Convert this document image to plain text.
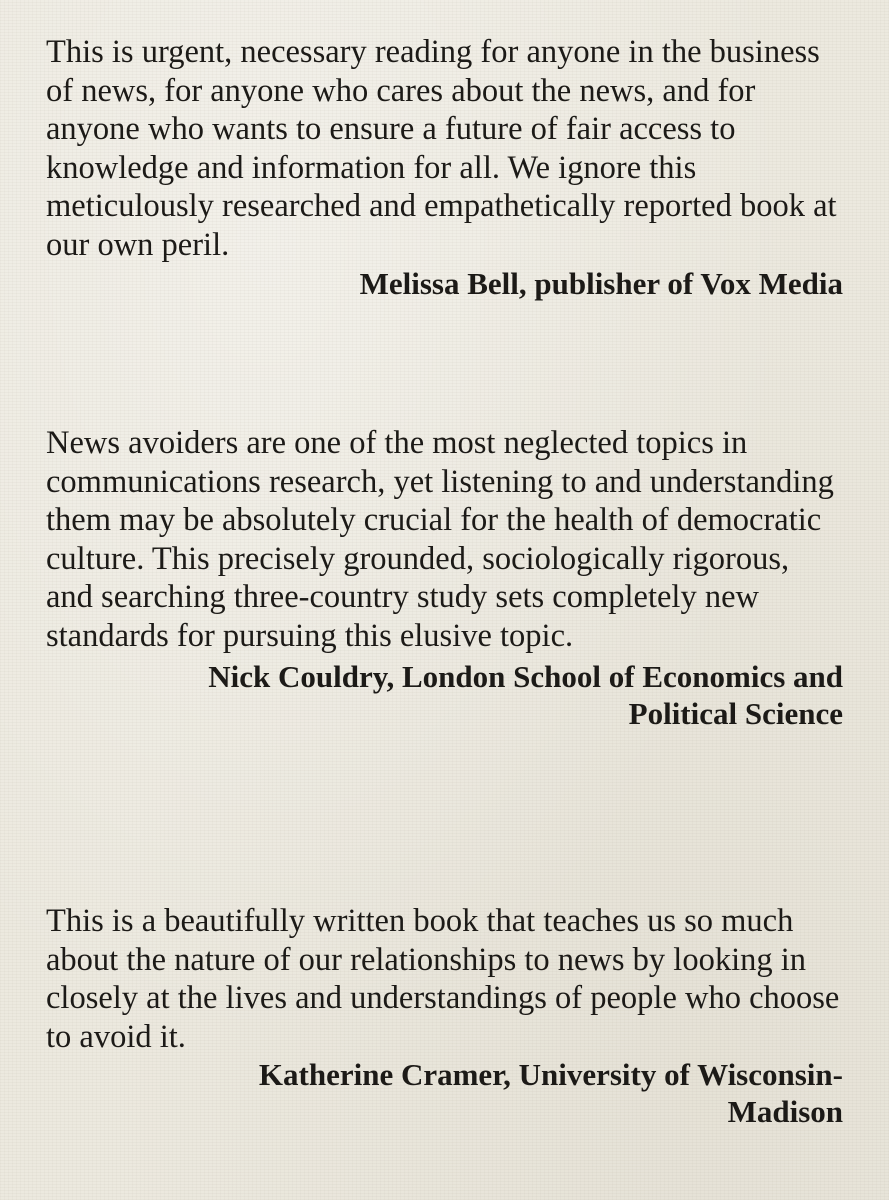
This is urgent, necessary reading for anyone in the business of news, for anyone who cares about the news, and for anyone who wants to ensure a future of fair access to knowledge and information for all. We ignore this meticulously researched and empathetically reported book at our own peril.

Melissa Bell, publisher of Vox Media

News avoiders are one of the most neglected topics in communications research, yet listening to and understanding them may be absolutely crucial for the health of democratic culture. This precisely grounded, sociologically rigorous, and searching three-country study sets completely new standards for pursuing this elusive topic.

Nick Couldry, London School of Economics and
Political Science

This is a beautifully written book that teaches us so much about the nature of our relationships to news by looking in closely at the lives and understandings of people who choose to avoid it.

Katherine Cramer, University of Wisconsin-
Madison
